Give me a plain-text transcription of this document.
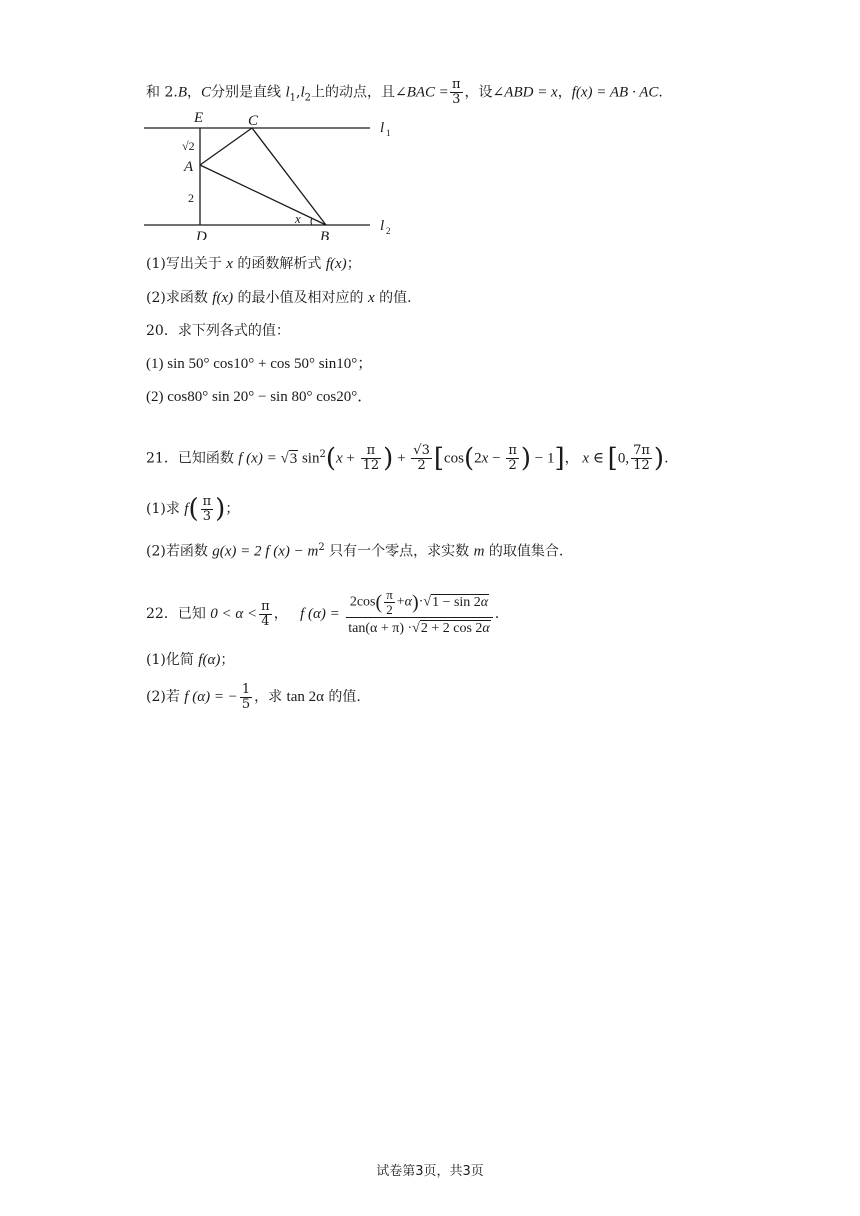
和 2.B，C分别是直线 $l_1,l_2$上的动点，且∠BAC = $\frac{\pi}{3}$ ，设∠ABD = x，f(x) = AB · AC.
E	C	l
A
D	B
x	l
1
2
√2
2
(1)写出关于 x 的函数解析式 f(x)；
(2)求函数 f(x) 的最小值及相对应的 x 的值.
20．求下列各式的值：
(1) sin 50° cos10° + cos 50° sin10°；
(2) cos80° sin 20° − sin 80° cos20°．
21．已知函数 f (x) = √3 $\sin^2(x + \frac{\pi}{12}$ ) + $\frac{√3}{2} [\cos(2x - \frac{\pi}{2}$ ) − 1]， x ∈ [0, $\frac{7\pi}{12}$ ).
(1)求 $f( \frac{\pi}{3}$ )；
(2)若函数 g(x) = 2 f $(x) - m^2$ 只有一个零点，求实数 m 的取值集合.
22．已知 $0 < \alpha < \frac{\pi}{4}$ ， f $(\alpha) = \frac{2\cos( \frac{\pi}{2} +\alpha)\cdot√1 - \sin 2\alpha}{\tan(\alpha + \pi) \cdot√2 + 2 \cos 2\alpha}$ .
(1)化简 f(α)；
(2)若 f (α) = − $\frac{1}{5}$ ，求 tan 2α 的值.
试卷第3页，共3页
